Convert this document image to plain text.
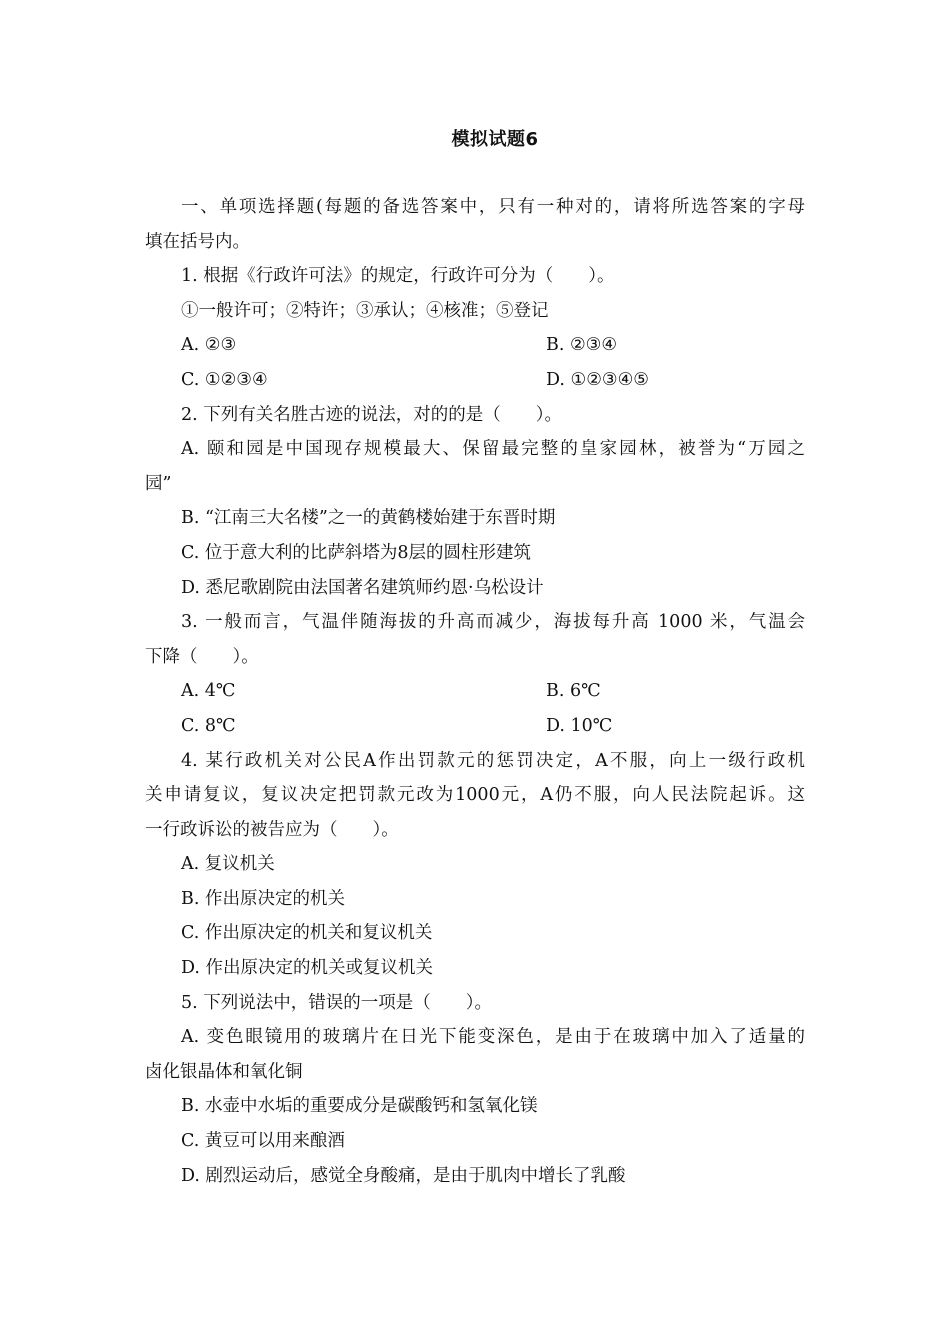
模拟试题6
一、单项选择题(每题的备选答案中，只有一种对的，请将所选答案的字母
填在括号内。
1. 根据《行政许可法》的规定，行政许可分为（　　）。
①一般许可；②特许；③承认；④核准；⑤登记
A. ②③	B. ②③④
C. ①②③④	D. ①②③④⑤
2. 下列有关名胜古迹的说法，对的的是（　　）。
A. 颐和园是中国现存规模最大、保留最完整的皇家园林，被誉为“万园之
园”
B. “江南三大名楼”之一的黄鹤楼始建于东晋时期
C. 位于意大利的比萨斜塔为8层的圆柱形建筑
D. 悉尼歌剧院由法国著名建筑师约恩·乌松设计
3. 一般而言，气温伴随海拔的升高而减少，海拔每升高 1000 米，气温会
下降（　　）。
A. 4℃	B. 6℃
C. 8℃	D. 10℃
4. 某行政机关对公民A作出罚款元的惩罚决定，A不服，向上一级行政机
关申请复议，复议决定把罚款元改为1000元，A仍不服，向人民法院起诉。这
一行政诉讼的被告应为（　　）。
A. 复议机关
B. 作出原决定的机关
C. 作出原决定的机关和复议机关
D. 作出原决定的机关或复议机关
5. 下列说法中，错误的一项是（　　）。
A. 变色眼镜用的玻璃片在日光下能变深色，是由于在玻璃中加入了适量的
卤化银晶体和氧化铜
B. 水壶中水垢的重要成分是碳酸钙和氢氧化镁
C. 黄豆可以用来酿酒
D. 剧烈运动后，感觉全身酸痛，是由于肌肉中增长了乳酸
